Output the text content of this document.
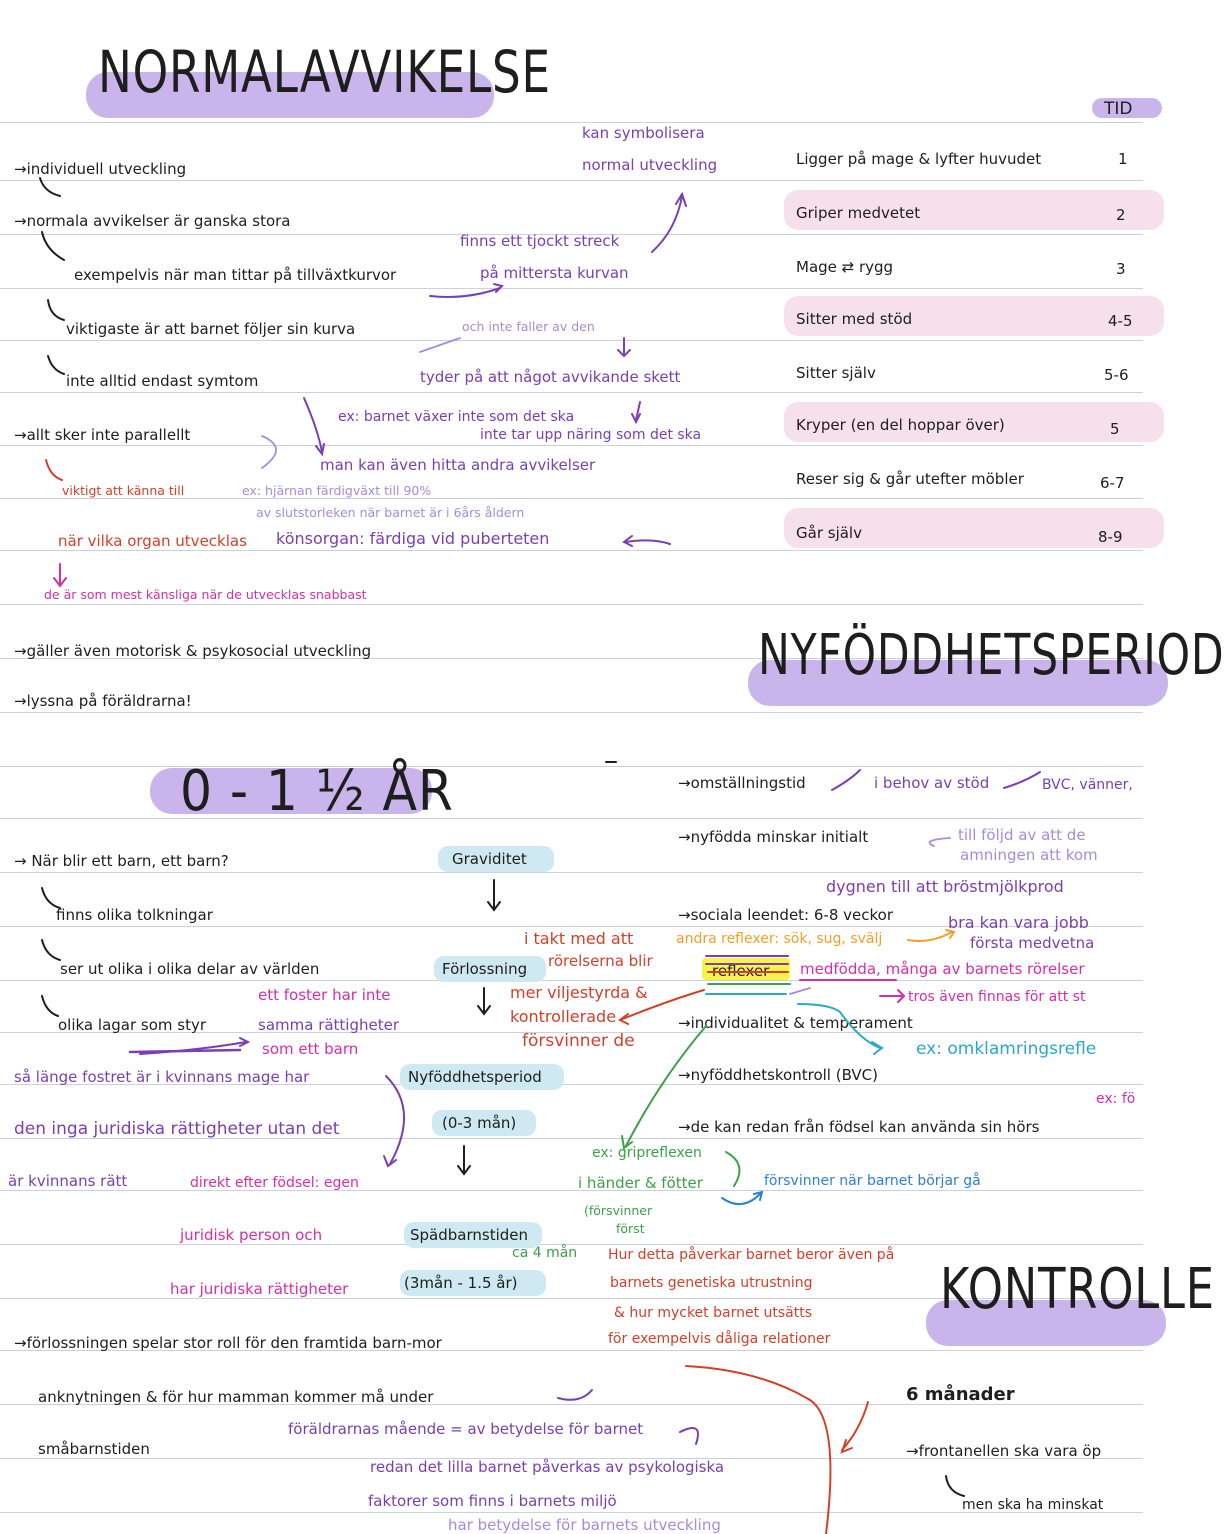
NORMALAVVIKELSE
0 - 1 ½ ÅR
NYFÖDDHETSPERIOD
KONTROLLE
TID
→individuell utveckling
→normala avvikelser är ganska stora
exempelvis när man tittar på tillväxtkurvor	på mittersta kurvan
viktigaste är att barnet följer sin kurva
inte alltid endast symtom
→allt sker inte parallellt
viktigt att känna till
när vilka organ utvecklas
de är som mest känsliga när de utvecklas snabbast
→gäller även motorisk & psykosocial utveckling
→lyssna på föräldrarna!
kan symbolisera
normal utveckling
finns ett tjockt streck
och inte faller av den
tyder på att något avvikande skett
ex: barnet växer inte som det ska
inte tar upp näring som det ska
man kan även hitta andra avvikelser
ex: hjärnan färdigväxt till 90%
av slutstorleken när barnet är i 6års åldern
könsorgan: färdiga vid puberteten
Ligger på mage & lyfter huvudet	1
Griper medvetet	2
Mage ⇄ rygg	3
Sitter med stöd	4-5
Sitter själv	5-6
Kryper (en del hoppar över)	5
Reser sig & går utefter möbler	6-7
Går själv	8-9
→ När blir ett barn, ett barn?
finns olika tolkningar
ser ut olika i olika delar av världen
olika lagar som styr	samma rättigheter
ett foster har inte
som ett barn
så länge fostret är i kvinnans mage har
den inga juridiska rättigheter utan det
är kvinnans rätt	direkt efter födsel: egen
juridisk person och
har juridiska rättigheter
→förlossningen spelar stor roll för den framtida barn-mor
anknytningen & för hur mamman kommer må under
småbarnstiden
föräldrarnas mående = av betydelse för barnet
redan det lilla barnet påverkas av psykologiska
faktorer som finns i barnets miljö
har betydelse för barnets utveckling
Graviditet
Förlossning
Nyföddhetsperiod
(0-3 mån)
Spädbarnstiden
(3mån - 1.5 år)
→omställningstid	i behov av stöd	BVC, vänner,
→nyfödda minskar initialt	till följd av att de
amningen att kom
dygnen till att bröstmjölkprod
bra kan vara jobb
→sociala leendet: 6-8 veckor
första medvetna
i takt med att	andra reflexer: sök, sug, svälj
rörelserna blir
reflexer medfödda, många av barnets rörelser
tros även finnas för att st
mer viljestyrda &
kontrollerade
försvinner de
→individualitet & temperament
ex: omklamringsrefle
→nyföddhetskontroll (BVC)
ex: fö
→de kan redan från födsel kan använda sin hörs
ex: gripreflexen
i händer & fötter	försvinner när barnet börjar gå
(försvinner
först
ca 4 mån Hur detta påverkar barnet beror även på
barnets genetiska utrustning
& hur mycket barnet utsätts
för exempelvis dåliga relationer
6 månader
→frontanellen ska vara öp
men ska ha minskat
